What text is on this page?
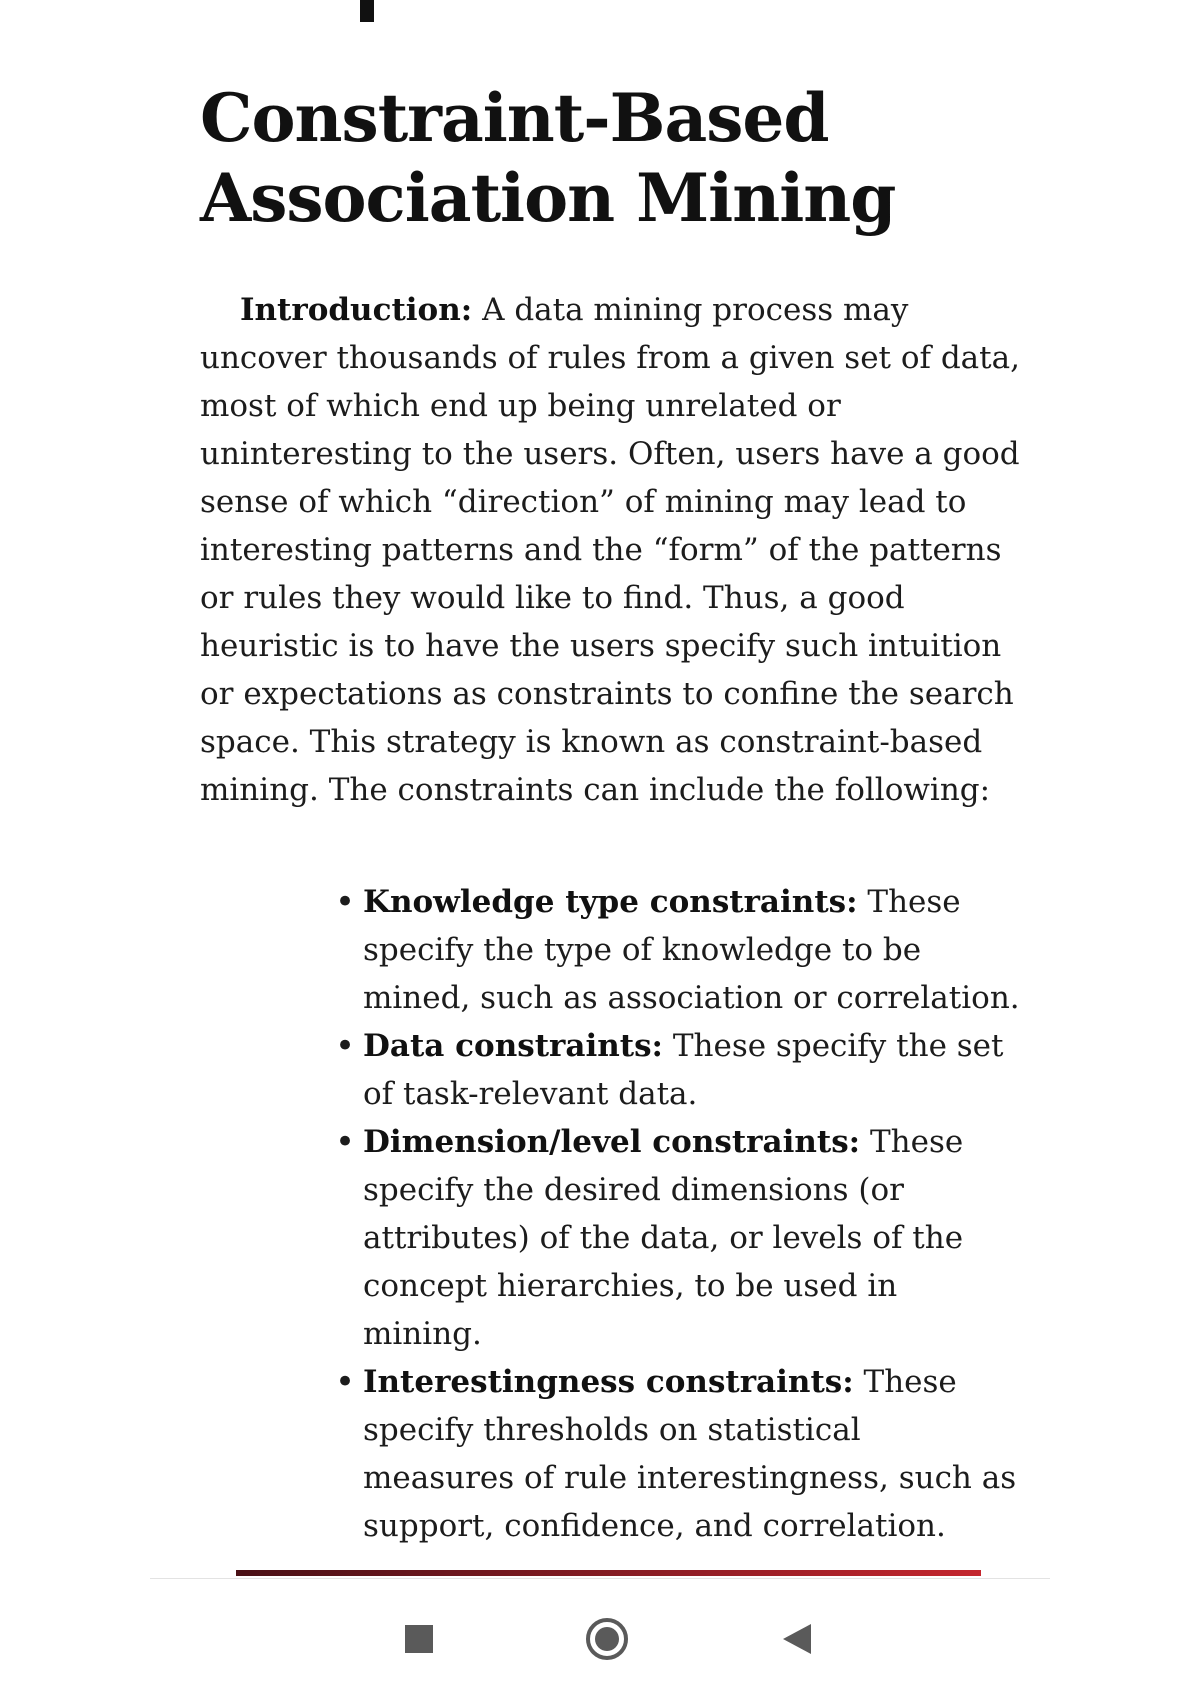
Constraint-Based
Association Mining

Introduction: A data mining process may uncover thousands of rules from a given set of data, most of which end up being unrelated or uninteresting to the users. Often, users have a good sense of which “direction” of mining may lead to interesting patterns and the “form” of the patterns or rules they would like to find. Thus, a good heuristic is to have the users specify such intuition or expectations as constraints to confine the search space. This strategy is known as constraint-based mining. The constraints can include the following:

• Knowledge type constraints: These specify the type of knowledge to be mined, such as association or correlation.
• Data constraints: These specify the set of task-relevant data.
• Dimension/level constraints: These specify the desired dimensions (or attributes) of the data, or levels of the concept hierarchies, to be used in mining.
• Interestingness constraints: These specify thresholds on statistical measures of rule interestingness, such as support, confidence, and correlation.
